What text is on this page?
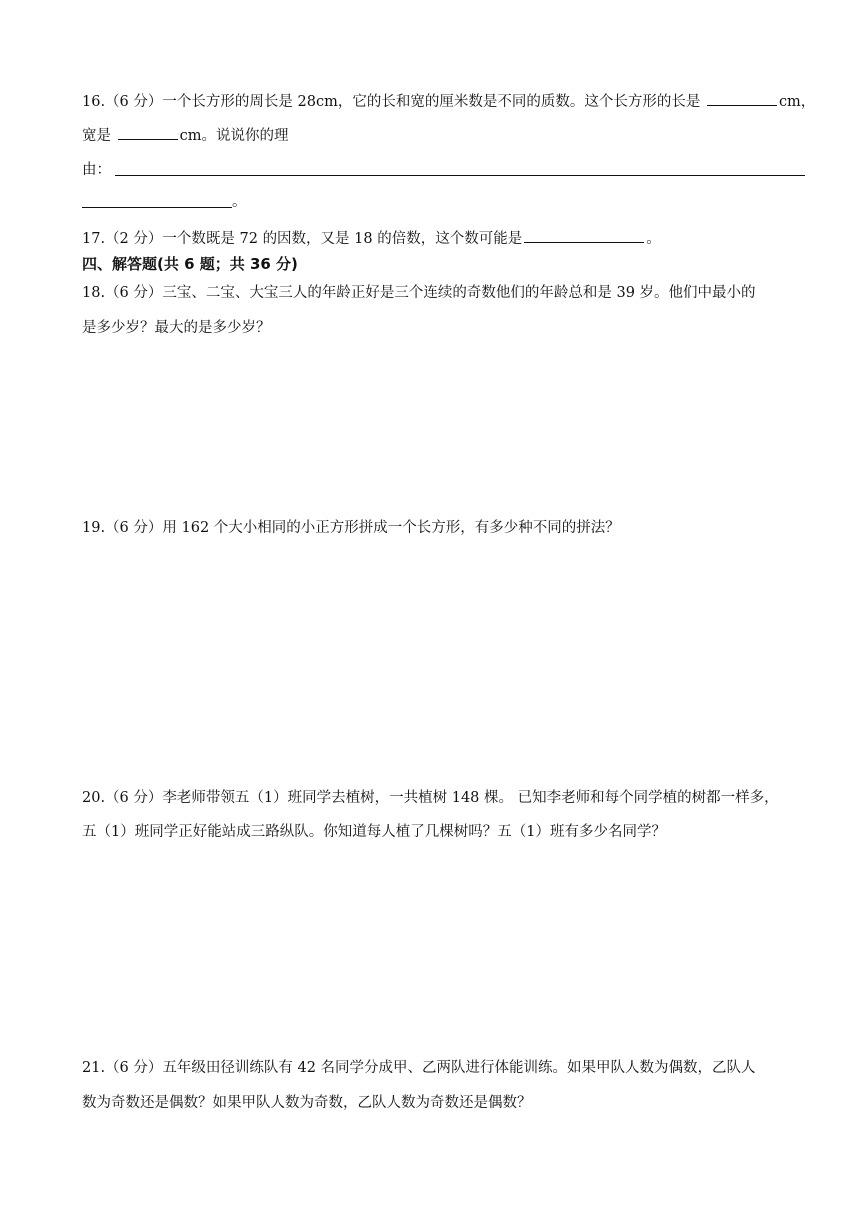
16.（6 分）一个长方形的周长是 28cm，它的长和宽的厘米数是不同的质数。这个长方形的长是	cm，
宽是	cm。说说你的理
由：
。
17.（2 分）一个数既是 72 的因数，又是 18 的倍数，这个数可能是	。
四、解答题(共 6 题；共 36 分)
18.（6 分）三宝、二宝、大宝三人的年龄正好是三个连续的奇数他们的年龄总和是 39 岁。他们中最小的
是多少岁？最大的是多少岁？
19.（6 分）用 162 个大小相同的小正方形拼成一个长方形，有多少种不同的拼法？
20.（6 分）李老师带领五（1）班同学去植树，一共植树 148 棵。 已知李老师和每个同学植的树都一样多，
五（1）班同学正好能站成三路纵队。你知道每人植了几棵树吗？五（1）班有多少名同学？
21.（6 分）五年级田径训练队有 42 名同学分成甲、乙两队进行体能训练。如果甲队人数为偶数，乙队人
数为奇数还是偶数？如果甲队人数为奇数，乙队人数为奇数还是偶数？
